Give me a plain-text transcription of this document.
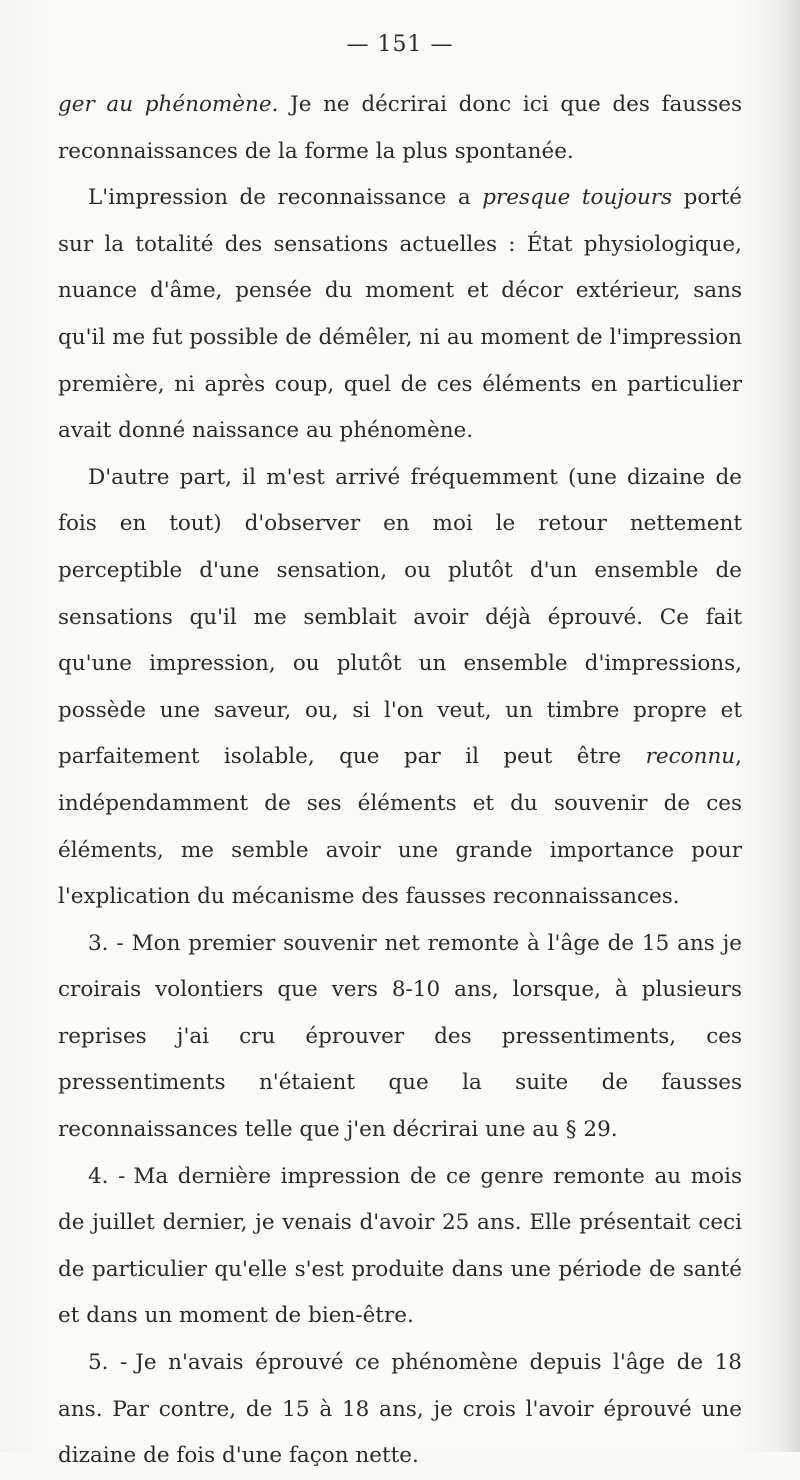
— 151 —

ger au phénomène. Je ne décrirai donc ici que des fausses reconnaissances de la forme la plus spontanée.

L'impression de reconnaissance a presque toujours porté sur la totalité des sensations actuelles : État physiologique, nuance d'âme, pensée du moment et décor extérieur, sans qu'il me fut possible de démêler, ni au moment de l'impression première, ni après coup, quel de ces éléments en particulier avait donné naissance au phénomène.

D'autre part, il m'est arrivé fréquemment (une dizaine de fois en tout) d'observer en moi le retour nettement perceptible d'une sensation, ou plutôt d'un ensemble de sensations qu'il me semblait avoir déjà éprouvé. Ce fait qu'une impression, ou plutôt un ensemble d'impressions, possède une saveur, ou, si l'on veut, un timbre propre et parfaitement isolable, que par il peut être reconnu, indépendamment de ses éléments et du souvenir de ces éléments, me semble avoir une grande importance pour l'explication du mécanisme des fausses reconnaissances.

3. - Mon premier souvenir net remonte à l'âge de 15 ans je croirais volontiers que vers 8-10 ans, lorsque, à plusieurs reprises j'ai cru éprouver des pressentiments, ces pressentiments n'étaient que la suite de fausses reconnaissances telle que j'en décrirai une au § 29.

4. - Ma dernière impression de ce genre remonte au mois de juillet dernier, je venais d'avoir 25 ans. Elle présentait ceci de particulier qu'elle s'est produite dans une période de santé et dans un moment de bien-être.

5. - Je n'avais éprouvé ce phénomène depuis l'âge de 18 ans. Par contre, de 15 à 18 ans, je crois l'avoir éprouvé une dizaine de fois d'une façon nette.
